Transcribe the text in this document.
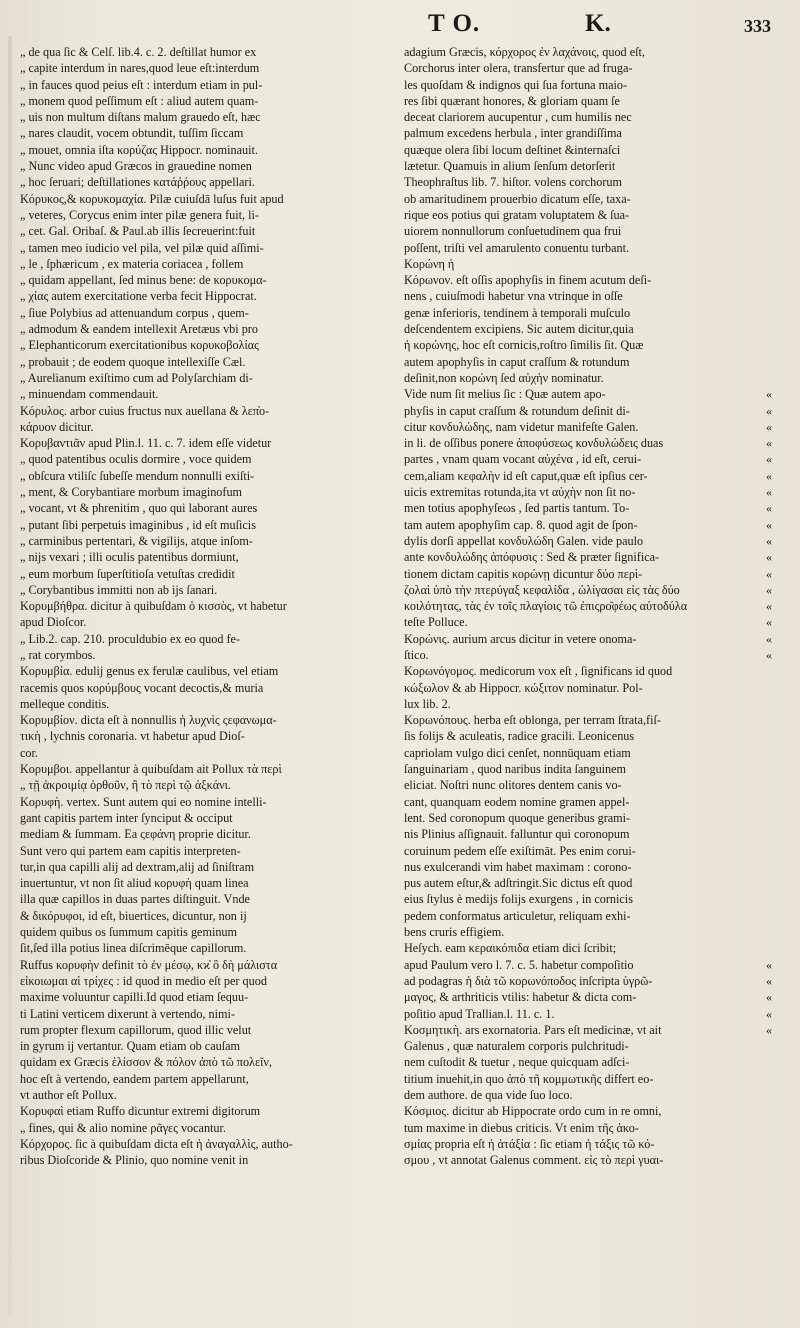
T O.	K.	333
„ de qua ſic & Celſ. lib.4. c. 2. deſtillat humor ex
„ capite interdum in nares,quod leue eſt:interdum
„ in fauces quod peius eſt : interdum etiam in pul-
„ monem quod peſſimum eſt : aliud autem quam-
„ uis non multum diſtans malum grauedo eſt, hæc
„ nares claudit, vocem obtundit, tuſſim ſiccam
„ mouet, omnia iſta κορύζας Hippocr. nominauit.
„ Nunc video apud Græcos in grauedine nomen
„ hoc ſeruari; deſtillationes κατάῤῥους appellari.
Κόρυκος,& κορυκομαχία. Pilæ cuiuſdā luſus fuit apud
„ veteres, Corycus enim inter pilæ genera fuit, li-
„ cet. Gal. Oribaſ. & Paul.ab illis ſecreuerint:fuit
„ tamen meo iudicio vel pila, vel pilæ quid aſſimi-
„ le , ſphæricum , ex materia coriacea , follem
„ quidam appellant, ſed minus bene: de κορυκομα-
„ χίας autem exercitatione verba fecit Hippocrat.
„ ſiue Polybius ad attenuandum corpus , quem-
„ admodum & eandem intellexit Aretæus vbi pro
„ Elephanticorum exercitationibus κορυκοβολίας
„ probauit ; de eodem quoque intellexiſſe Cæl.
„ Aurelianum exiſtimo cum ad Polyſarchiam di-
„ minuendam commendauit.
Κόρυλος. arbor cuius fructus nux auellana & λεπ̓ο-
κάρυον dicitur.
Κορυβαντιᾶν apud Plin.l. 11. c. 7. idem eſſe videtur
„ quod patentibus oculis dormire , voce quidem
„ obſcura vtiliſc ſubeſſe mendum nonnulli exiſti-
„ ment, & Corybantiare morbum imaginofum
„ vocant, vt & phrenitim , quo qui laborant aures
„ putant ſibi perpetuis imaginibus , id eſt muſicis
„ carminibus pertentari, & vigilijs, atque inſom-
„ nijs vexari ; illi oculis patentibus dormiunt,
„ eum morbum ſuperſtitioſa vetuſtas credidit
„ Corybantibus immitti non ab ijs ſanari.
Κορυμβήθρα. dicitur à quibuſdam ὁ κισσὸς, vt habetur
apud Dioſcor.
„ Lib.2. cap. 210. proculdubio ex eo quod fe-
„ rat corymbos.
Κορυμβία. edulij genus ex ferulæ caulibus, vel etiam
racemis quos κορύμβους vocant decoctis,& muria
melleque conditis.
Κορυμβίον. dicta eſt à nonnullis ἡ λυχνὶς ςεφανωμα-
τικὴ , lychnis coronaria. vt habetur apud Dioſ-
cor.
Κορυμβοι. appellantur à quibuſdam ait Pollux τὰ περὶ
„ τῇ ἀκροιμίᾳ ὀρθοῦν, ἢ τὸ περὶ τῷ ἀξκάνι.
Κορυφὴ. vertex. Sunt autem qui eo nomine intelli-
gant capitis partem inter ſynciput & occiput
mediam & ſummam. Ea ςεφάνη proprie dicitur.
Sunt vero qui partem eam capitis interpreten-
tur,in qua capilli alij ad dextram,alij ad ſiniſtram
inuertuntur, vt non ſit aliud κορυφὴ quam linea
illa quæ capillos in duas partes diſtinguit. Vnde
& δικόρυφοι, id eſt, biuertices, dicuntur, non ij
quidem quibus os ſummum capitis geminum
ſit,ſed illa potius linea diſcrimēque capillorum.
Ruffus κορυφὴν definit τὸ ἐν μέσῳ, κϰ̓ ὃ δὴ μάλιστα
εἰκοιωμαι αἱ τρίχες : id quod in medio eſt per quod
maxime voluuntur capilli.Id quod etiam ſequu-
ti Latini verticem dixerunt à vertendo, nimi-
rum propter flexum capillorum, quod illic velut
in gyrum ij vertantur. Quam etiam ob cauſam
quidam ex Græcis ἑλίσσον & πόλον ἀπὸ τῶ πολεῖν,
hoc eſt à vertendo, eandem partem appellarunt,
vt author eſt Pollux.
Κορυφαὶ etiam Ruffo dicuntur extremi digitorum
„ fines, qui & alio nomine ρᾶγες vocantur.
Κόρχορος. ſic à quibuſdam dicta eſt ἡ ἀναγαλλὶς, autho-
ribus Dioſcoride & Plinio, quo nomine venit in
adagium Græcis, κόρχορος ἐν λαχάνοις, quod eſt,
Corchorus inter olera, transfertur que ad fruga-
les quoſdam & indignos qui ſua fortuna maio-
res ſibi quærant honores, & gloriam quam ſe
deceat clariorem aucupentur , cum humilis nec
palmum excedens herbula , inter grandiſſima
quæque olera ſibi locum deſtinet &internaſci
lætetur. Quamuis in alium ſenſum detorſerit
Theophraſtus lib. 7. hiſtor. volens corchorum
ob amaritudinem prouerbio dicatum eſſe, taxa-
rique eos potius qui gratam voluptatem & ſua-
uiorem nonnullorum conſuetudinem qua frui
poſſent, triſti vel amarulento conuentu turbant.
Κορώνη ἡ
Κόρωνον. eſt oſſis apophyſis in finem acutum deſi-
nens , cuiuſmodi habetur vna vtrinque in oſſe
genæ inferioris, tendinem à temporali muſculo
deſcendentem excipiens. Sic autem dicitur,quia
ἡ κορώνης, hoc eſt cornicis,roſtro ſimilis ſit. Quæ
autem apophyſis in caput craſſum & rotundum
deſinit,non κορώνη ſed αὐχὴν nominatur.
Vide num ſit melius ſic : Quæ autem apo-
phyſis in caput craſſum & rotundum deſinit di-
citur κονδυλώδης, nam videtur manifeſte Galen.
in li. de oſſibus ponere ἀποφύσεως κονδυλώδεις duas
partes , vnam quam vocant αὐχένα , id eſt, cerui-
cem,aliam κεφαλὴν id eſt caput,quæ eſt ipſius cer-
uicis extremitas rotunda,ita vt αὐχὴν non ſit no-
men totius apophyſeωs , ſed partis tantum. To-
tam autem apophyſim cap. 8. quod agit de ſpon-
dylis dorſi appellat κονδυλώδη Galen. vide paulo
ante κονδυλώδης ἀπόφυσις : Sed & præter ſignifica-
tionem dictam capitis κορώνῃ dicuntur δύο περὶ-
ζολαὶ ὑπὸ τὴν πτερύγαξ κεφαλίδα , ὡλίγασαι εἰς τὰς δύο
κοιλότητας, τὰς ἐν τοῖς πλαγίοις τῶ ἐπιςρο͂φέως αὐτοδύλα
teſte Polluce.
Κορώνις. aurium arcus dicitur in vetere onoma-
ſtico.
Κορωνόγομος. medicorum vox eſt , ſignificans id quod
κώξωλον & ab Hippocr. κώξιτον nominatur. Pol-
lux lib. 2.
Κορωνόπους. herba eſt oblonga, per terram ſtrata,fiſ-
ſis folijs & aculeatis, radice gracili. Leonicenus
capriolam vulgo dici cenſet, nonnūquam etiam
ſanguinariam , quod naribus indita ſanguinem
eliciat. Noſtri nunc olitores dentem canis vo-
cant, quanquam eodem nomine gramen appel-
lent. Sed coronopum quoque generibus grami-
nis Plinius aſſignauit. falluntur qui coronopum
coruinum pedem eſſe exiſtimāt. Pes enim corui-
nus exulcerandi vim habet maximam : corono-
pus autem eſtur,& adſtringit.Sic dictus eſt quod
eius ſtylus è medijs folijs exurgens , in cornicis
pedem conformatus articuletur, reliquam exhi-
bens cruris effigiem.
Heſych. eam κεραικόπιδα etiam dici ſcribit;
apud Paulum vero l. 7. c. 5. habetur compoſitio
ad podagras ἡ διὰ τῶ κορωνόποδος inſcripta ὑγρῶ-
μαγος, & arthriticis vtilis: habetur & dicta com-
poſitio apud Trallian.l. 11. c. 1.
Κοσμητικὴ. ars exornatoria. Pars eſt medicinæ, vt ait
Galenus , quæ naturalem corporis pulchritudi-
nem cuſtodit & tuetur , neque quicquam adſci-
titium inuehit,in quo ἀπὸ τῆ κομμωτικῆς differt eo-
dem authore. de qua vide ſuo loco.
Κόσμιος. dicitur ab Hippocrate ordo cum in re omni,
tum maxime in diebus criticis. Vt enim τῆς ἀκο-
σμίας propria eſt ἡ ἀτάξία : ſic etiam ἡ τάξις τῶ κό-
σμου , vt annotat Galenus comment. εἰς τὸ περὶ γυαι-
«
«
«
«
«
«
«
«
«
«
«
«
«
«
«
«
«
«
«
«
«
«
